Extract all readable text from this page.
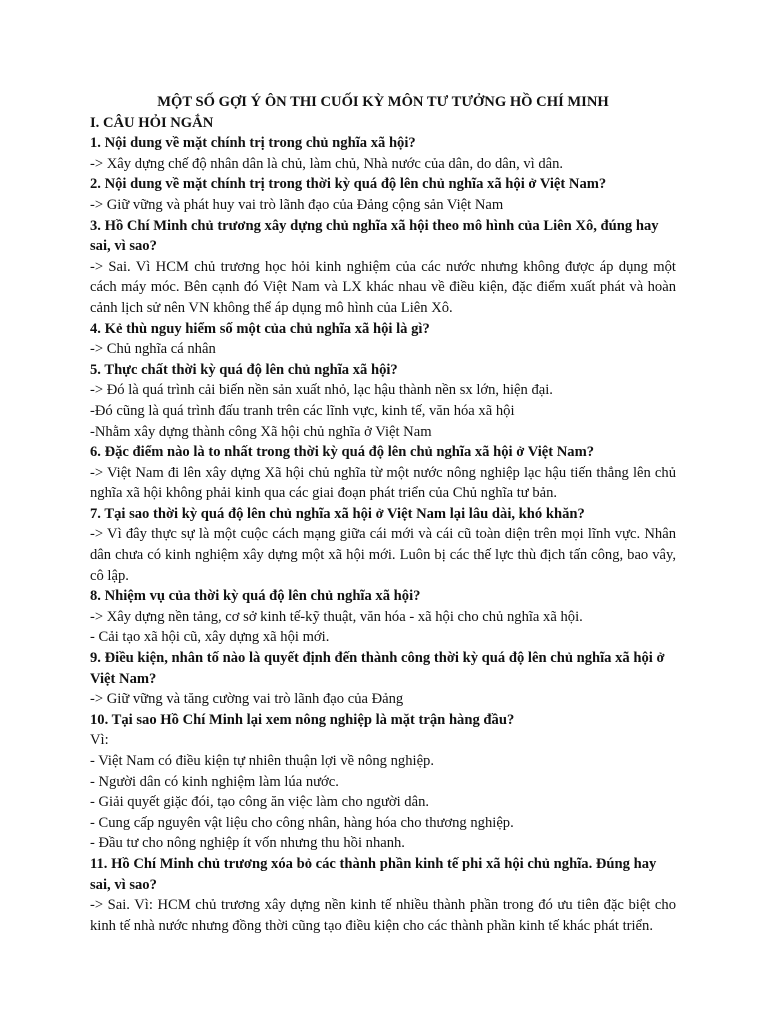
MỘT SỐ GỢI Ý ÔN THI CUỐI KỲ MÔN TƯ TƯỞNG HỒ CHÍ MINH

I. CÂU HỎI NGẮN

1. Nội dung về mặt chính trị trong chủ nghĩa xã hội?

-> Xây dựng chế độ nhân dân là chủ, làm chủ, Nhà nước của dân, do dân, vì dân.

2. Nội dung về mặt chính trị trong thời kỳ quá độ lên chủ nghĩa xã hội ở Việt Nam?

-> Giữ vững và phát huy vai trò lãnh đạo của Đảng cộng sản Việt Nam

3. Hồ Chí Minh chủ trương xây dựng chủ nghĩa xã hội theo mô hình của Liên Xô, đúng hay sai, vì sao?

-> Sai. Vì HCM chủ trương học hỏi kinh nghiệm của các nước nhưng không được áp dụng một cách máy móc. Bên cạnh đó Việt Nam và LX khác nhau về điều kiện, đặc điểm xuất phát và hoàn cảnh lịch sử nên VN không thể áp dụng mô hình của Liên Xô.

4. Kẻ thù nguy hiểm số một của chủ nghĩa xã hội là gì?

-> Chủ nghĩa cá nhân

5. Thực chất thời kỳ quá độ lên chủ nghĩa xã hội?

-> Đó là quá trình cải biến nền sản xuất nhỏ, lạc hậu thành nền sx lớn, hiện đại.

-Đó cũng là quá trình đấu tranh trên các lĩnh vực, kinh tế, văn hóa xã hội

-Nhằm xây dựng thành công Xã hội chủ nghĩa ở Việt Nam

6. Đặc điểm nào là to nhất trong thời kỳ quá độ lên chủ nghĩa xã hội ở Việt Nam?

-> Việt Nam đi lên xây dựng Xã hội chủ nghĩa từ một nước nông nghiệp lạc hậu tiến thẳng lên chủ nghĩa xã hội không phải kinh qua các giai đoạn phát triển của Chủ nghĩa tư bản.

7. Tại sao thời kỳ quá độ lên chủ nghĩa xã hội ở Việt Nam lại lâu dài, khó khăn?

-> Vì đây thực sự là một cuộc cách mạng giữa cái mới và cái cũ toàn diện trên mọi lĩnh vực. Nhân dân chưa có kinh nghiệm xây dựng một xã hội mới. Luôn bị các thế lực thù địch tấn công, bao vây, cô lập.

8. Nhiệm vụ của thời kỳ quá độ lên chủ nghĩa xã hội?

-> Xây dựng nền tảng, cơ sở kinh tế-kỹ thuật, văn hóa - xã hội cho chủ nghĩa xã hội.

- Cải tạo xã hội cũ, xây dựng xã hội mới.

9. Điều kiện, nhân tố nào là quyết định đến thành công thời kỳ quá độ lên chủ nghĩa xã hội ở Việt Nam?

-> Giữ vững và tăng cường vai trò lãnh đạo của Đảng

10. Tại sao Hồ Chí Minh lại xem nông nghiệp là mặt trận hàng đầu?

Vì:

- Việt Nam có điều kiện tự nhiên thuận lợi về nông nghiệp.

- Người dân có kinh nghiệm làm lúa nước.

- Giải quyết giặc đói, tạo công ăn việc làm cho người dân.

- Cung cấp nguyên vật liệu cho công nhân, hàng hóa cho thương nghiệp.

- Đầu tư cho nông nghiệp ít vốn nhưng thu hồi nhanh.

11. Hồ Chí Minh chủ trương xóa bỏ các thành phần kinh tế phi xã hội chủ nghĩa. Đúng hay sai, vì sao?

-> Sai. Vì: HCM chủ trương xây dựng nền kinh tế nhiều thành phần trong đó ưu tiên đặc biệt cho kinh tế nhà nước nhưng đồng thời cũng tạo điều kiện cho các thành phần kinh tế khác phát triển.
